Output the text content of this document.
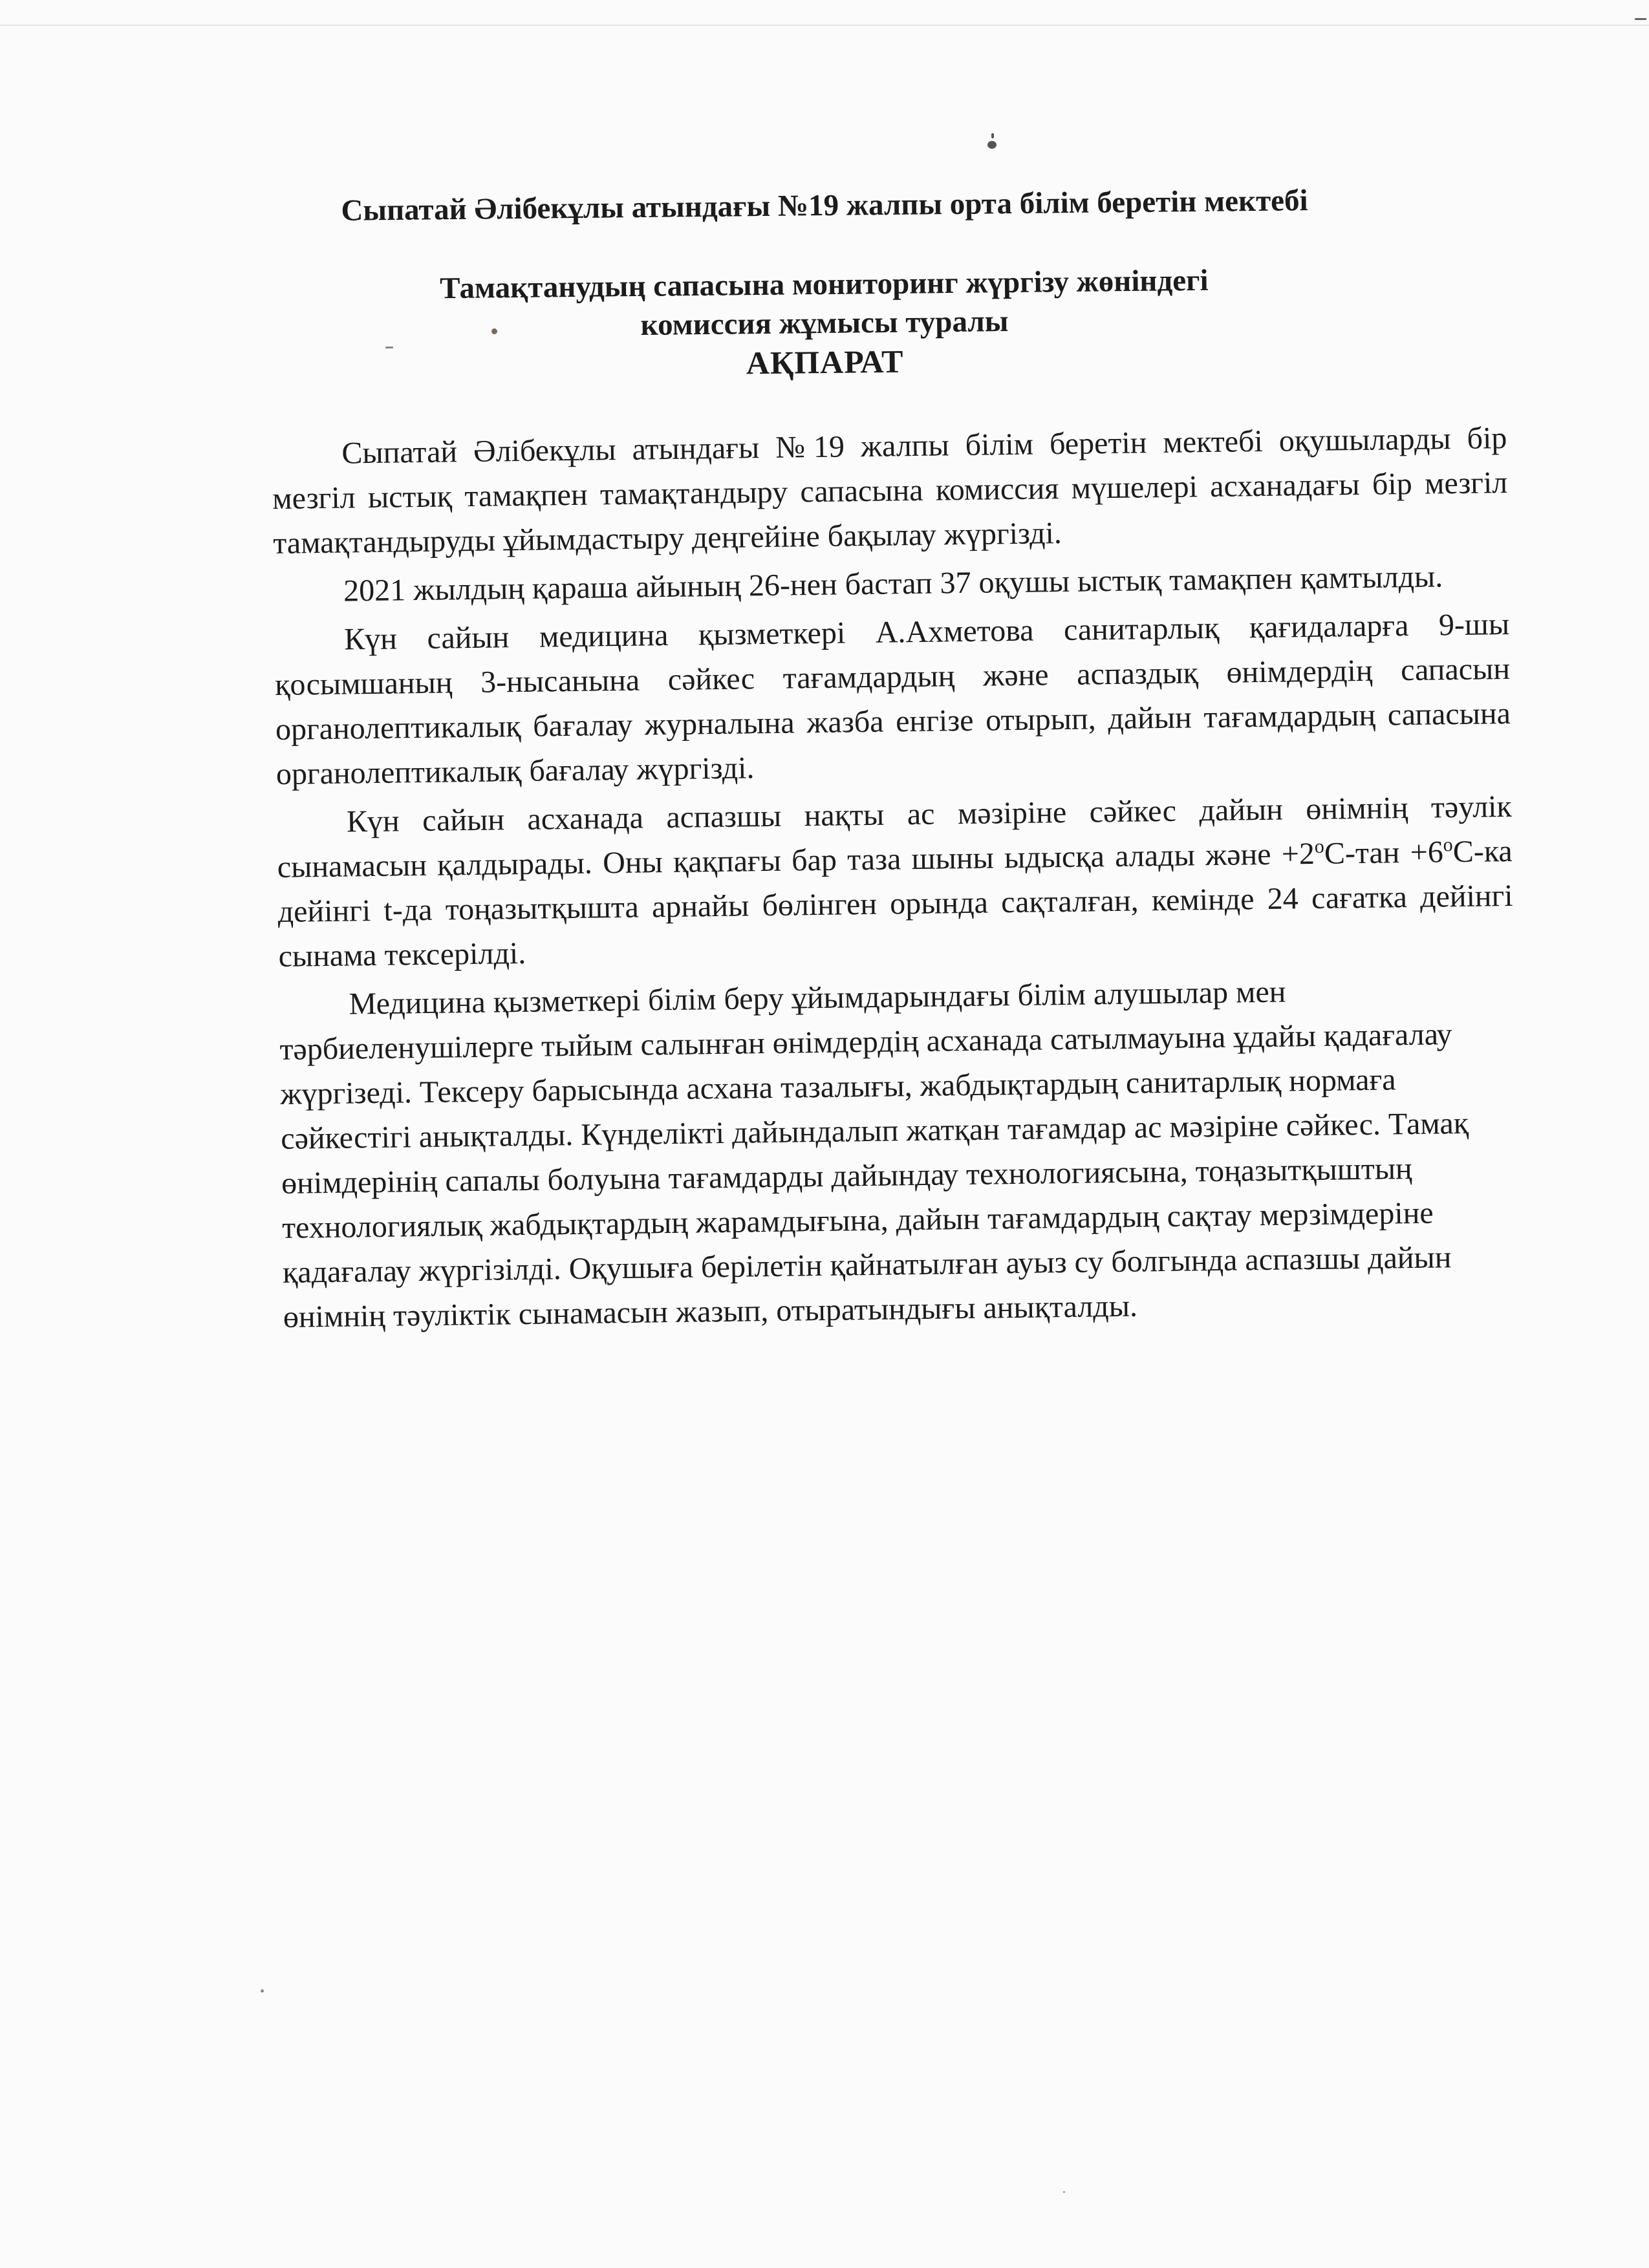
Сыпатай Әлібекұлы атындағы №19 жалпы орта білім беретін мектебі
Тамақтанудың сапасына мониторинг жүргізу жөніндегі
комиссия жұмысы туралы
АҚПАРАТ

Сыпатай Әлібекұлы атындағы №19 жалпы білім беретін мектебі оқушыларды бір мезгіл ыстық тамақпен тамақтандыру сапасына комиссия мүшелері асханадағы бір мезгіл тамақтандыруды ұйымдастыру деңгейіне бақылау жүргізді.

2021 жылдың қараша айының 26-нен бастап 37 оқушы ыстық тамақпен қамтылды.

Күн сайын медицина қызметкері А.Ахметова санитарлық қағидаларға 9-шы қосымшаның 3-нысанына сәйкес тағамдардың және аспаздық өнімдердің сапасын органолептикалық бағалау журналына жазба енгізе отырып, дайын тағамдардың сапасына органолептикалық бағалау жүргізді.

Күн сайын асханада аспазшы нақты ас мәзіріне сәйкес дайын өнімнің тәулік сынамасын қалдырады. Оны қақпағы бар таза шыны ыдысқа алады және $+2^оС$-тан $+6^оС-ка$ дейінгі t-да тоңазытқышта арнайы бөлінген орында сақталған, кемінде 24 сағатка дейінгі сынама тексерілді.

Медицина қызметкері білім беру ұйымдарындағы білім алушылар мен тәрбиеленушілерге тыйым салынған өнімдердің асханада сатылмауына ұдайы қадағалау жүргізеді. Тексеру барысында асхана тазалығы, жабдықтардың санитарлық нормаға сәйкестігі анықталды. Күнделікті дайындалып жатқан тағамдар ас мәзіріне сәйкес. Тамақ өнімдерінің сапалы болуына тағамдарды дайындау технологиясына, тоңазытқыштың технологиялық жабдықтардың жарамдығына, дайын тағамдардың сақтау мерзімдеріне қадағалау жүргізілді. Оқушыға берілетін қайнатылған ауыз су болгында аспазшы дайын өнімнің тәуліктік сынамасын жазып, отыратындығы анықталды.
